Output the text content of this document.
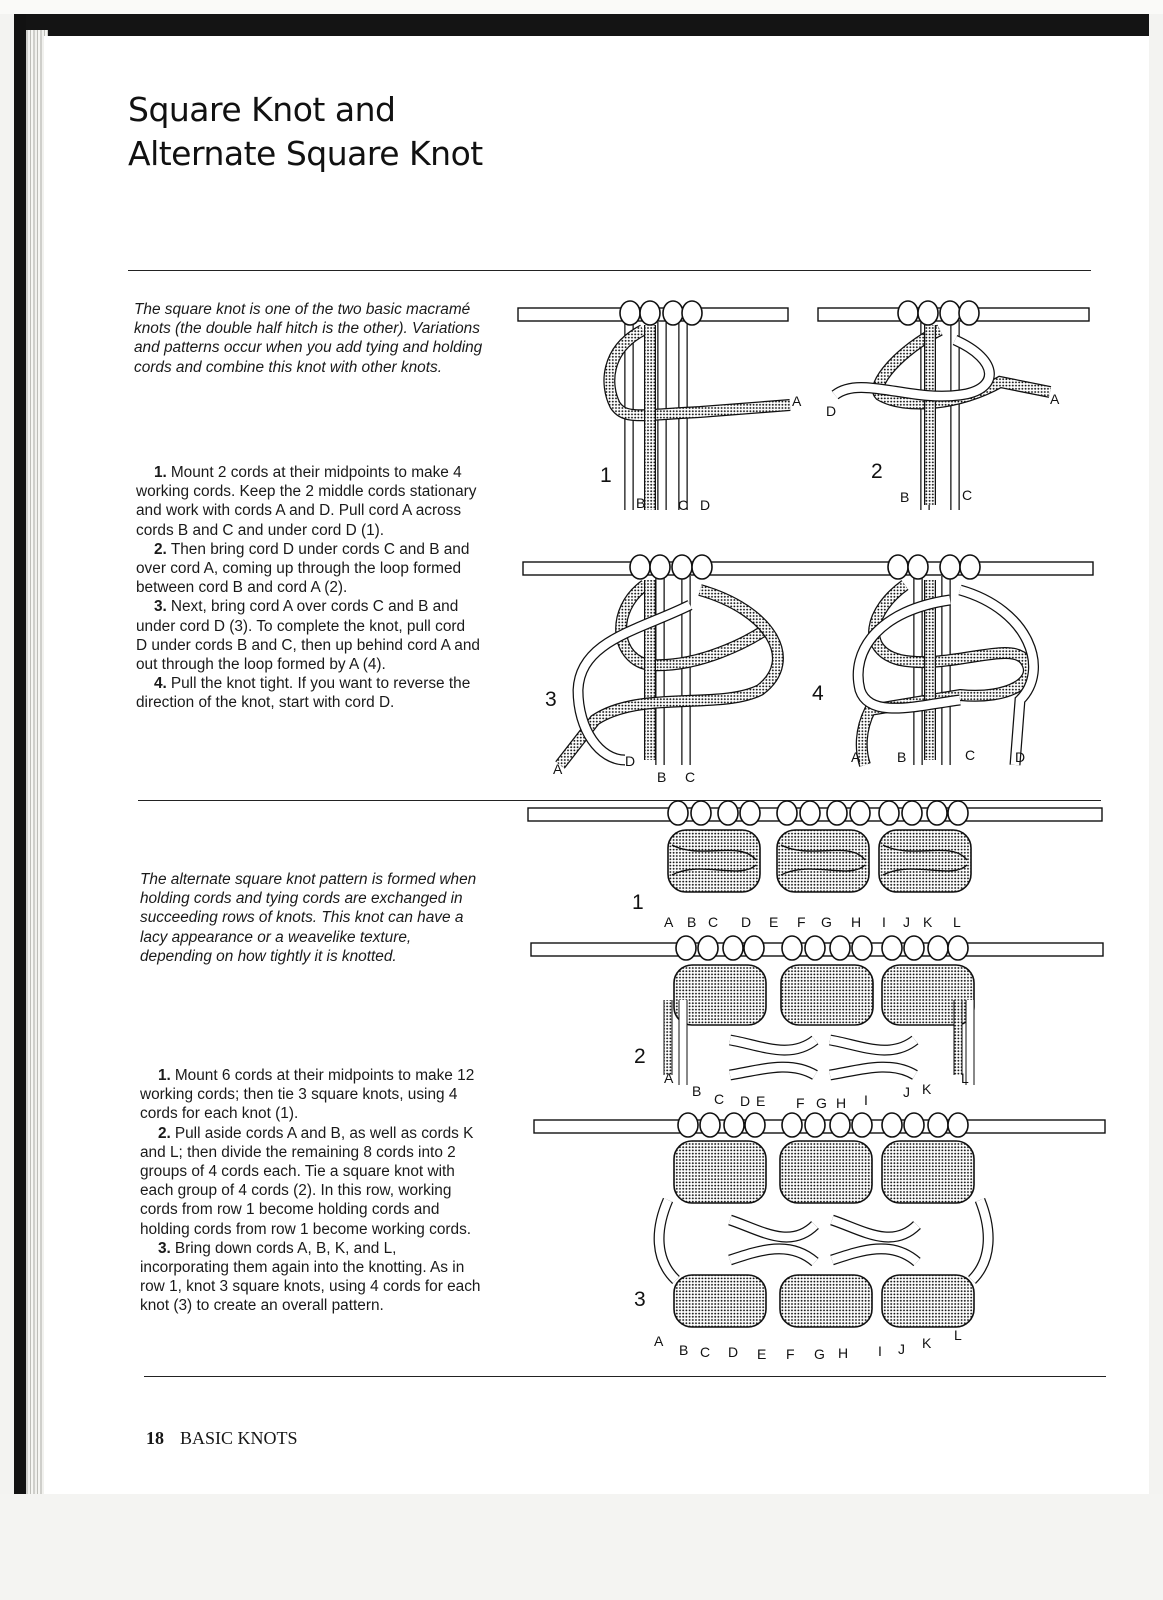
Square Knot and
Alternate Square Knot

The square knot is one of the two basic macramé knots (the double half hitch is the other). Variations and patterns occur when you add tying and holding cords and combine this knot with other knots.

1. Mount 2 cords at their midpoints to make 4 working cords. Keep the 2 middle cords stationary and work with cords A and D. Pull cord A across cords B and C and under cord D (1).
2. Then bring cord D under cords C and B and over cord A, coming up through the loop formed between cord B and cord A (2).
3. Next, bring cord A over cords C and B and under cord D (3). To complete the knot, pull cord D under cords B and C, then up behind cord A and out through the loop formed by A (4).
4. Pull the knot tight. If you want to reverse the direction of the knot, start with cord D.

The alternate square knot pattern is formed when holding cords and tying cords are exchanged in succeeding rows of knots. This knot can have a lacy appearance or a weavelike texture, depending on how tightly it is knotted.

1. Mount 6 cords at their midpoints to make 12 working cords; then tie 3 square knots, using 4 cords for each knot (1).
2. Pull aside cords A and B, as well as cords K and L; then divide the remaining 8 cords into 2 groups of 4 cords each. Tie a square knot with each group of 4 cords (2). In this row, working cords from row 1 become holding cords and holding cords from row 1 become working cords.
3. Bring down cords A, B, K, and L, incorporating them again into the knotting. As in row 1, knot 3 square knots, using 4 cords for each knot (3) to create an overall pattern.
1
A
B C D
2
D
A
B	C
3
A	D
B C
4
A	B	C	D
1
A B C D E F G H I J K L
2
A
B C D E F G H I	J K
L
3
A
B C D E F G H I J K L
18 BASIC KNOTS
